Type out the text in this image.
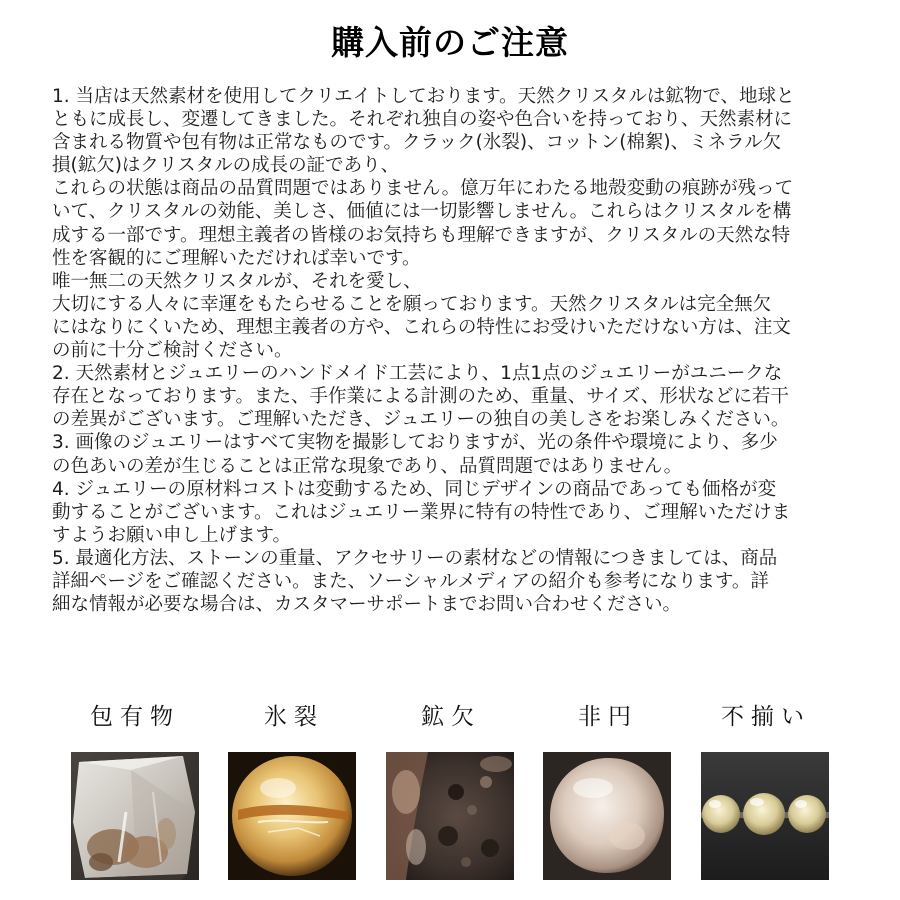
購入前のご注意

1. 当店は天然素材を使用してクリエイトしております。天然クリスタルは鉱物で、地球と

ともに成長し、変遷してきました。それぞれ独自の姿や色合いを持っており、天然素材に

含まれる物質や包有物は正常なものです。クラック(氷裂)、コットン(棉絮)、ミネラル欠

損(鉱欠)はクリスタルの成長の証であり、

これらの状態は商品の品質問題ではありません。億万年にわたる地殻変動の痕跡が残って

いて、クリスタルの効能、美しさ、価値には一切影響しません。これらはクリスタルを構

成する一部です。理想主義者の皆様のお気持ちも理解できますが、クリスタルの天然な特

性を客観的にご理解いただければ幸いです。

唯一無二の天然クリスタルが、それを愛し、

大切にする人々に幸運をもたらせることを願っております。天然クリスタルは完全無欠

にはなりにくいため、理想主義者の方や、これらの特性にお受けいただけない方は、注文

の前に十分ご検討ください。

2. 天然素材とジュエリーのハンドメイド工芸により、1点1点のジュエリーがユニークな

存在となっております。また、手作業による計測のため、重量、サイズ、形状などに若干

の差異がございます。ご理解いただき、ジュエリーの独自の美しさをお楽しみください。

3. 画像のジュエリーはすべて実物を撮影しておりますが、光の条件や環境により、多少

の色あいの差が生じることは正常な現象であり、品質問題ではありません。

4. ジュエリーの原材料コストは変動するため、同じデザインの商品であっても価格が変

動することがございます。これはジュエリー業界に特有の特性であり、ご理解いただけま

すようお願い申し上げます。

5. 最適化方法、ストーンの重量、アクセサリーの素材などの情報につきましては、商品

詳細ページをご確認ください。また、ソーシャルメディアの紹介も参考になります。詳

細な情報が必要な場合は、カスタマーサポートまでお問い合わせください。

包有物	氷裂	鉱欠	非円	不揃い
